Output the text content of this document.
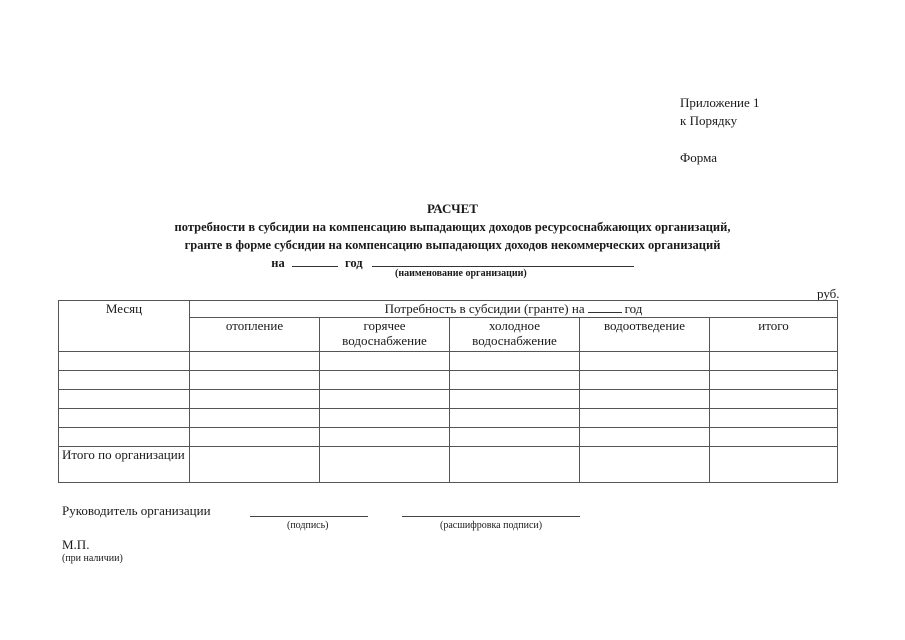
Приложение 1
к Порядку
Форма
РАСЧЕТ
потребности в субсидии на компенсацию выпадающих доходов ресурсоснабжающих организаций,
гранте в форме субсидии на компенсацию выпадающих доходов некоммерческих организаций
на	год
(наименование организации)
руб.
Месяц	Потребность в субсидии (гранте) на год				
	отопление	горячее водоснабжение	холодное водоснабжение	водоотведение	итого

Итого по организации					
Руководитель организации
(подпись)	(расшифровка подписи)
М.П.
(при наличии)
